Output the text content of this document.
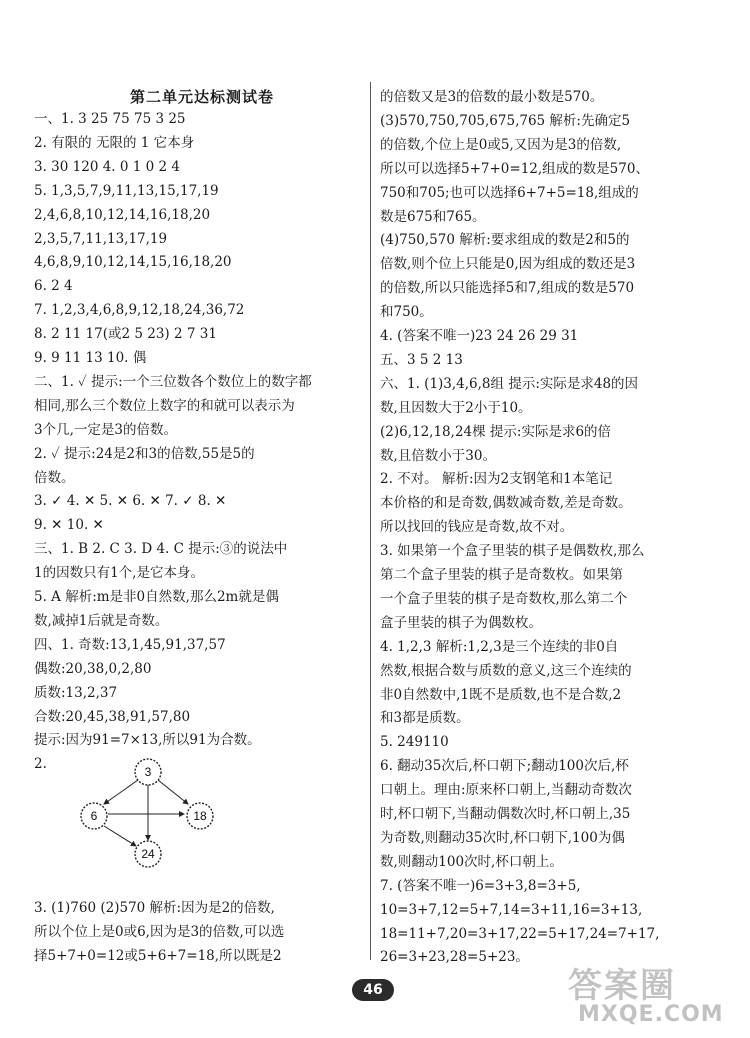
第二单元达标测试卷
一、1. 3 25 75 75 3 25
2. 有限的 无限的 1 它本身
3. 30 120 4. 0 1 0 2 4
5. 1,3,5,7,9,11,13,15,17,19
2,4,6,8,10,12,14,16,18,20
2,3,5,7,11,13,17,19
4,6,8,9,10,12,14,15,16,18,20
6. 2 4
7. 1,2,3,4,6,8,9,12,18,24,36,72
8. 2 11 17(或2 5 23) 2 7 31
9. 9 11 13 10. 偶
二、1. ✓ 提示:一个三位数各个数位上的数字都
相同,那么三个数位上数字的和就可以表示为
3个几,一定是3的倍数。
2. ✓ 提示:24是2和3的倍数,55是5的
倍数。
3. ✓ 4. ✕ 5. ✕ 6. ✕ 7. ✓ 8. ✕
9. ✕ 10. ✕
三、1. B 2. C 3. D 4. C 提示:③的说法中
1的因数只有1个,是它本身。
5. A 解析:m是非0自然数,那么2m就是偶
数,减掉1后就是奇数。
四、1. 奇数:13,1,45,91,37,57
偶数:20,38,0,2,80
质数:13,2,37
合数:20,45,38,91,57,80
提示:因为91=7×13,所以91为合数。
2.
3. (1)760 (2)570 解析:因为是2的倍数,
所以个位上是0或6,因为是3的倍数,可以选
择5+7+0=12或5+6+7=18,所以既是2
的倍数又是3的倍数的最小数是570。
(3)570,750,705,675,765 解析:先确定5
的倍数,个位上是0或5,又因为是3的倍数,
所以可以选择5+7+0=12,组成的数是570、
750和705;也可以选择6+7+5=18,组成的
数是675和765。
(4)750,570 解析:要求组成的数是2和5的
倍数,则个位上只能是0,因为组成的数还是3
的倍数,所以只能选择5和7,组成的数是570
和750。
4. (答案不唯一)23 24 26 29 31
五、3 5 2 13
六、1. (1)3,4,6,8组 提示:实际是求48的因
数,且因数大于2小于10。
(2)6,12,18,24棵 提示:实际是求6的倍
数,且倍数小于30。
2. 不对。 解析:因为2支钢笔和1本笔记
本价格的和是奇数,偶数减奇数,差是奇数。
所以找回的钱应是奇数,故不对。
3. 如果第一个盒子里装的棋子是偶数枚,那么
第二个盒子里装的棋子是奇数枚。如果第
一个盒子里装的棋子是奇数枚,那么第二个
盒子里装的棋子为偶数枚。
4. 1,2,3 解析:1,2,3是三个连续的非0自
然数,根据合数与质数的意义,这三个连续的
非0自然数中,1既不是质数,也不是合数,2
和3都是质数。
5. 249110
6. 翻动35次后,杯口朝下;翻动100次后,杯
口朝上。理由:原来杯口朝上,当翻动奇数次
时,杯口朝下,当翻动偶数次时,杯口朝上,35
为奇数,则翻动35次时,杯口朝下,100为偶
数,则翻动100次时,杯口朝上。
7. (答案不唯一)6=3+3,8=3+5,
10=3+7,12=5+7,14=3+11,16=3+13,
18=11+7,20=3+17,22=5+17,24=7+17,
26=3+23,28=5+23。
3
6	18
24
46	答案圈
MXQE.COM
